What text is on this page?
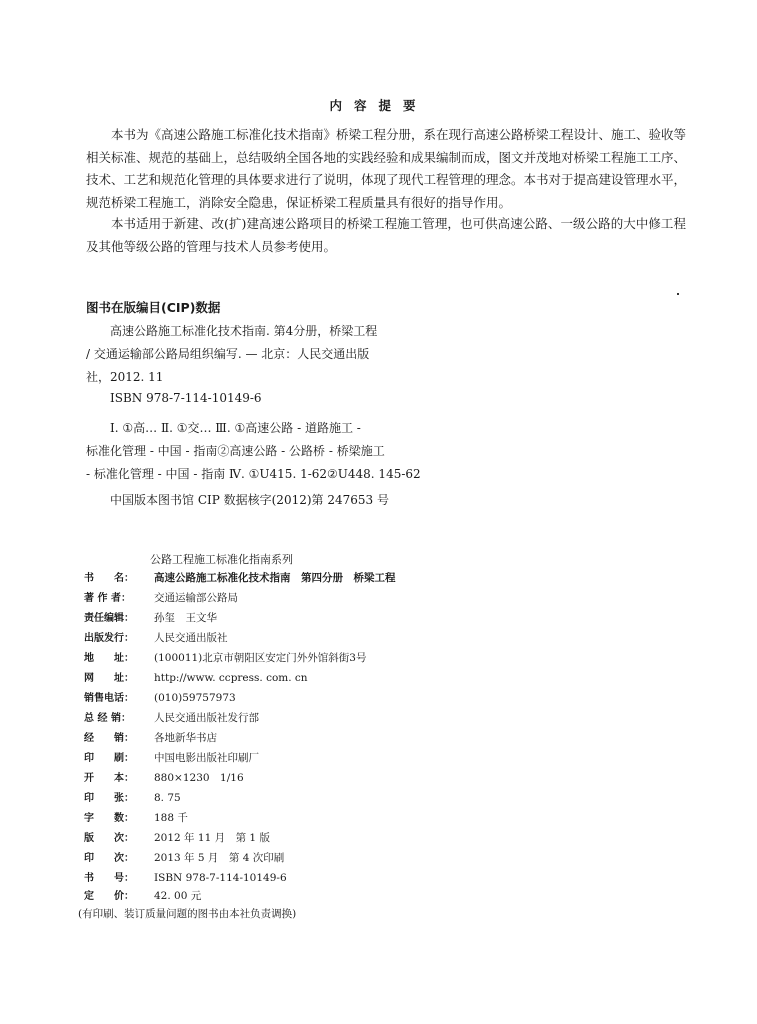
内容提要
本书为《高速公路施工标准化技术指南》桥梁工程分册，系在现行高速公路桥梁工程设计、施工、验收等相关标准、规范的基础上，总结吸纳全国各地的实践经验和成果编制而成，图文并茂地对桥梁工程施工工序、技术、工艺和规范化管理的具体要求进行了说明，体现了现代工程管理的理念。本书对于提高建设管理水平，规范桥梁工程施工，消除安全隐患，保证桥梁工程质量具有很好的指导作用。
本书适用于新建、改(扩)建高速公路项目的桥梁工程施工管理，也可供高速公路、一级公路的大中修工程及其他等级公路的管理与技术人员参考使用。
图书在版编目(CIP)数据
高速公路施工标准化技术指南. 第4分册，桥梁工程
/ 交通运输部公路局组织编写. — 北京：人民交通出版
社，2012. 11
ISBN 978-7-114-10149-6
Ⅰ. ①高… Ⅱ. ①交… Ⅲ. ①高速公路 - 道路施工 -
标准化管理 - 中国 - 指南②高速公路 - 公路桥 - 桥梁施工
- 标准化管理 - 中国 - 指南 Ⅳ. ①U415. 1-62②U448. 145-62
中国版本图书馆 CIP 数据核字(2012)第 247653 号
公路工程施工标准化指南系列
书　　名： 高速公路施工标准化技术指南　第四分册　桥梁工程
著 作 者： 交通运输部公路局
责任编辑： 孙玺　王文华
出版发行： 人民交通出版社
地　　址： (100011)北京市朝阳区安定门外外馆斜街3号
网　　址： http://www. ccpress. com. cn
销售电话： (010)59757973
总 经 销： 人民交通出版社发行部
经　　销： 各地新华书店
印　　刷： 中国电影出版社印刷厂
开　　本： 880×1230　1/16
印　　张： 8. 75
字　　数： 188 千
版　　次： 2012 年 11 月　第 1 版
印　　次： 2013 年 5 月　第 4 次印刷
书　　号： ISBN 978-7-114-10149-6
定　　价： 42. 00 元
(有印刷、装订质量问题的图书由本社负责调换)
